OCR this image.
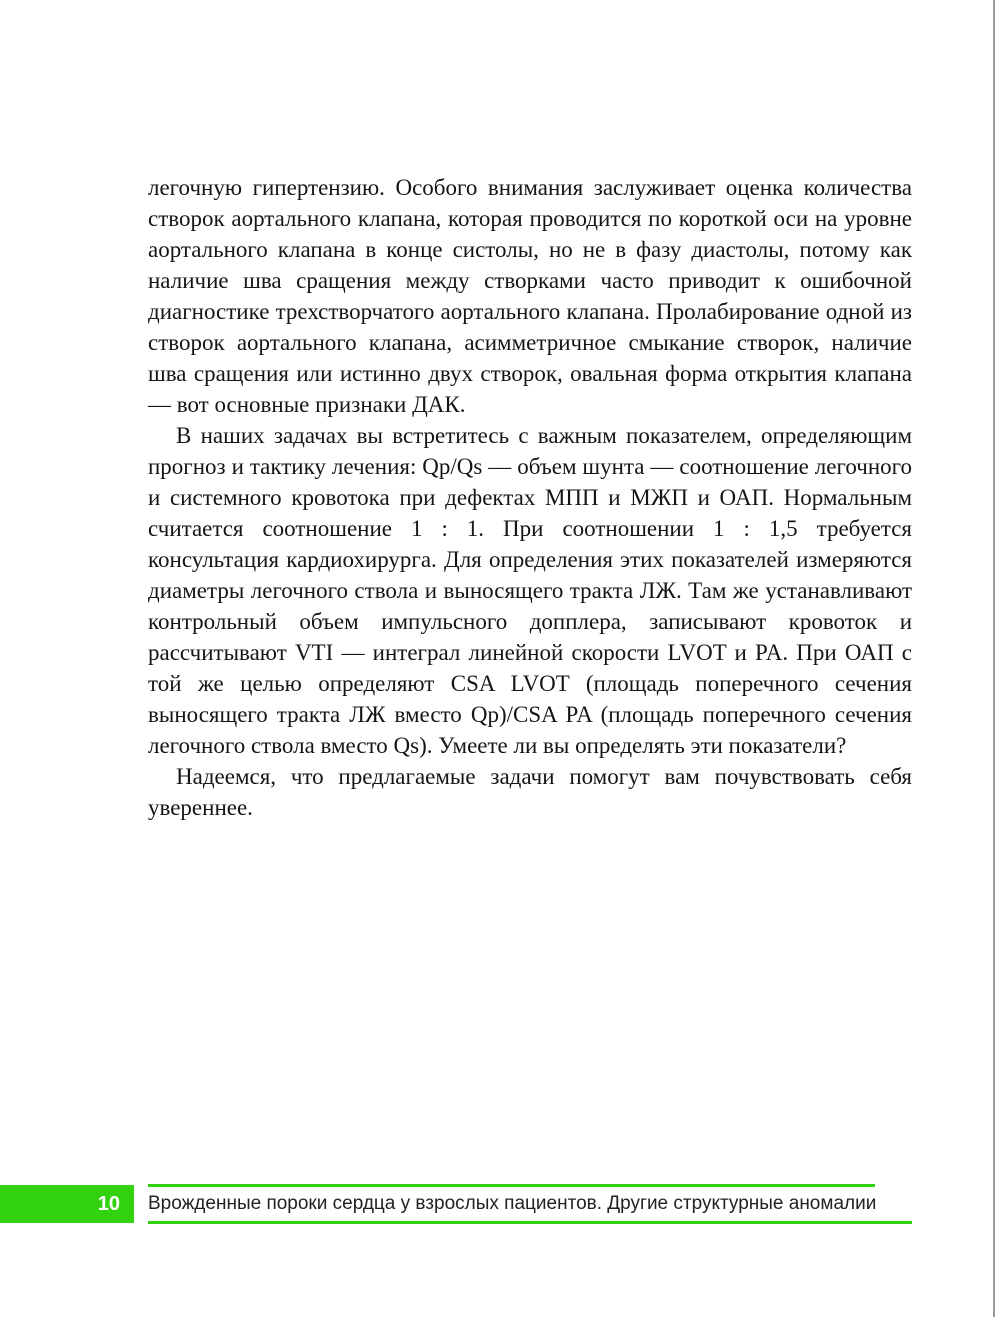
легочную гипертензию. Особого внимания заслуживает оценка количества створок аортального клапана, которая проводится по короткой оси на уровне аортального клапана в конце систолы, но не в фазу диастолы, потому как наличие шва сращения между створками часто приводит к ошибочной диагностике трехстворчатого аортального клапана. Пролабирование одной из створок аортального клапана, асимметричное смыкание створок, наличие шва сращения или истинно двух створок, овальная форма открытия клапана — вот основные признаки ДАК.

В наших задачах вы встретитесь с важным показателем, определяющим прогноз и тактику лечения: Qp/Qs — объем шунта — соотношение легочного и системного кровотока при дефектах МПП и МЖП и ОАП. Нормальным считается соотношение 1 : 1. При соотношении 1 : 1,5 требуется консультация кардиохирурга. Для определения этих показателей измеряются диаметры легочного ствола и выносящего тракта ЛЖ. Там же устанавливают контрольный объем импульсного допплера, записывают кровоток и рассчитывают VTI — интеграл линейной скорости LVOT и PA. При ОАП с той же целью определяют CSA LVOT (площадь поперечного сечения выносящего тракта ЛЖ вместо Qp)/CSA PA (площадь поперечного сечения легочного ствола вместо Qs). Умеете ли вы определять эти показатели?

Надеемся, что предлагаемые задачи помогут вам почувствовать себя увереннее.

10	Врожденные пороки сердца у взрослых пациентов. Другие структурные аномалии
